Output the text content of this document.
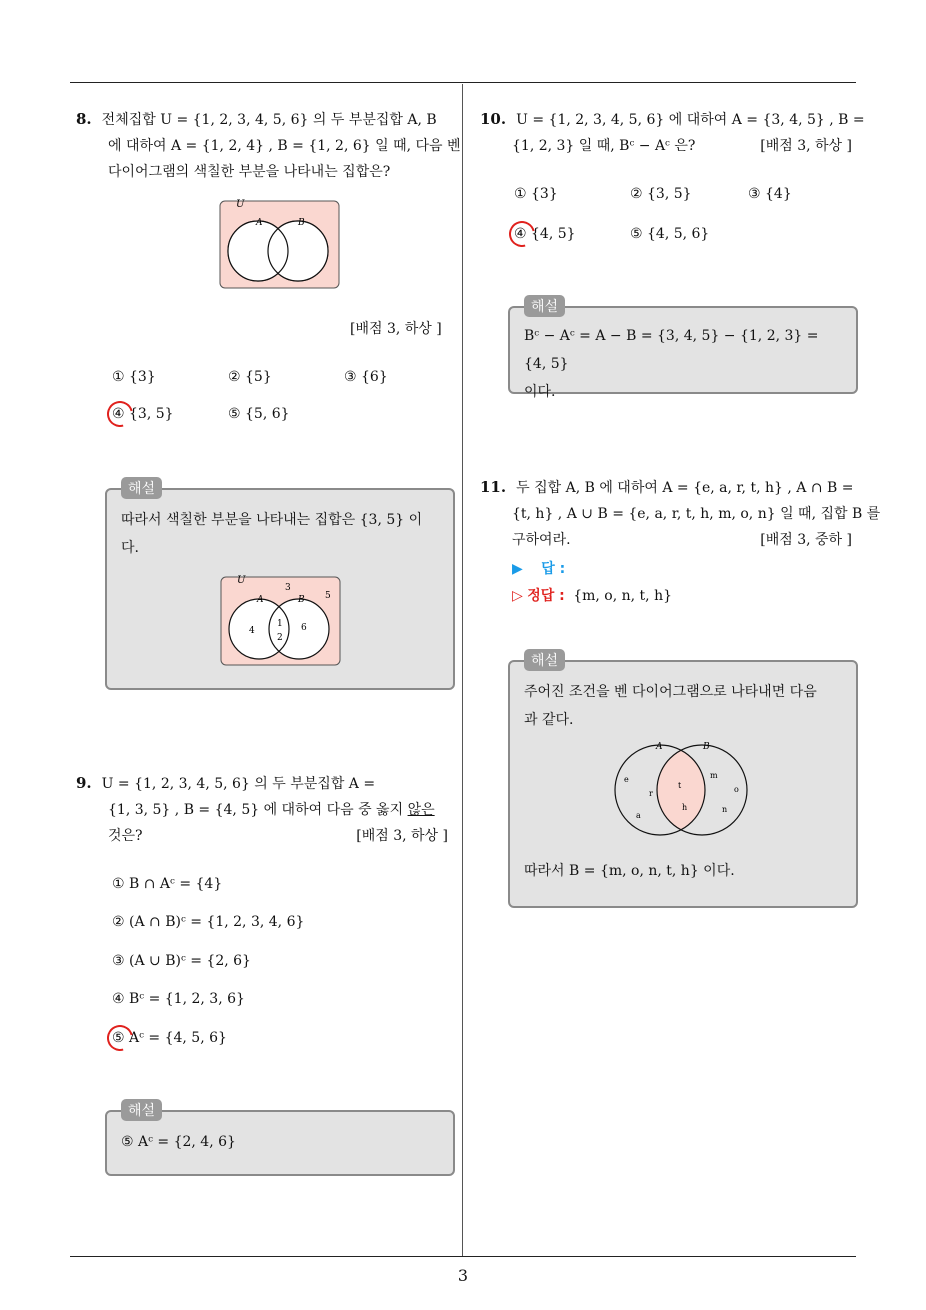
8. 전체집합 U = {1, 2, 3, 4, 5, 6} 의 두 부분집합 A, B
에 대하여 A = {1, 2, 4} , B = {1, 2, 6} 일 때, 다음 벤
다이어그램의 색칠한 부분을 나타내는 집합은?
U
A	B
[배점 3, 하상 ]
① {3}	② {5}	③ {6}
④ {3, 5}	⑤ {5, 6}
해설
따라서 색칠한 부분을 나타내는 집합은 {3, 5} 이
다.
U
3
5
A	B
4
1
2
6
9. U = {1, 2, 3, 4, 5, 6} 의 두 부분집합 A =
{1, 3, 5} , B = {4, 5} 에 대하여 다음 중 옳지 않은
것은?	[배점 3, 하상 ]
① B ∩ Aᶜ = {4}
② (A ∩ B)ᶜ = {1, 2, 3, 4, 6}
③ (A ∪ B)ᶜ = {2, 6}
④ Bᶜ = {1, 2, 3, 6}
⑤ Aᶜ = {4, 5, 6}
해설
⑤ Aᶜ = {2, 4, 6}
10. U = {1, 2, 3, 4, 5, 6} 에 대하여 A = {3, 4, 5} , B =
{1, 2, 3} 일 때, Bᶜ − Aᶜ 은?	[배점 3, 하상 ]
① {3}	② {3, 5}	③ {4}
④ {4, 5}	⑤ {4, 5, 6}
해설
Bᶜ − Aᶜ = A − B = {3, 4, 5} − {1, 2, 3} = {4, 5}
이다.
11. 두 집합 A, B 에 대하여 A = {e, a, r, t, h} , A ∩ B =
{t, h} , A ∪ B = {e, a, r, t, h, m, o, n} 일 때, 집합 B 를
구하여라.	[배점 3, 중하 ]
▶ 답 :
▷ 정답 : {m, o, n, t, h}
해설
주어진 조건을 벤 다이어그램으로 나타내면 다음
과 같다.
A	B
e
r
a
t
h
m
o
n
따라서 B = {m, o, n, t, h} 이다.
3
